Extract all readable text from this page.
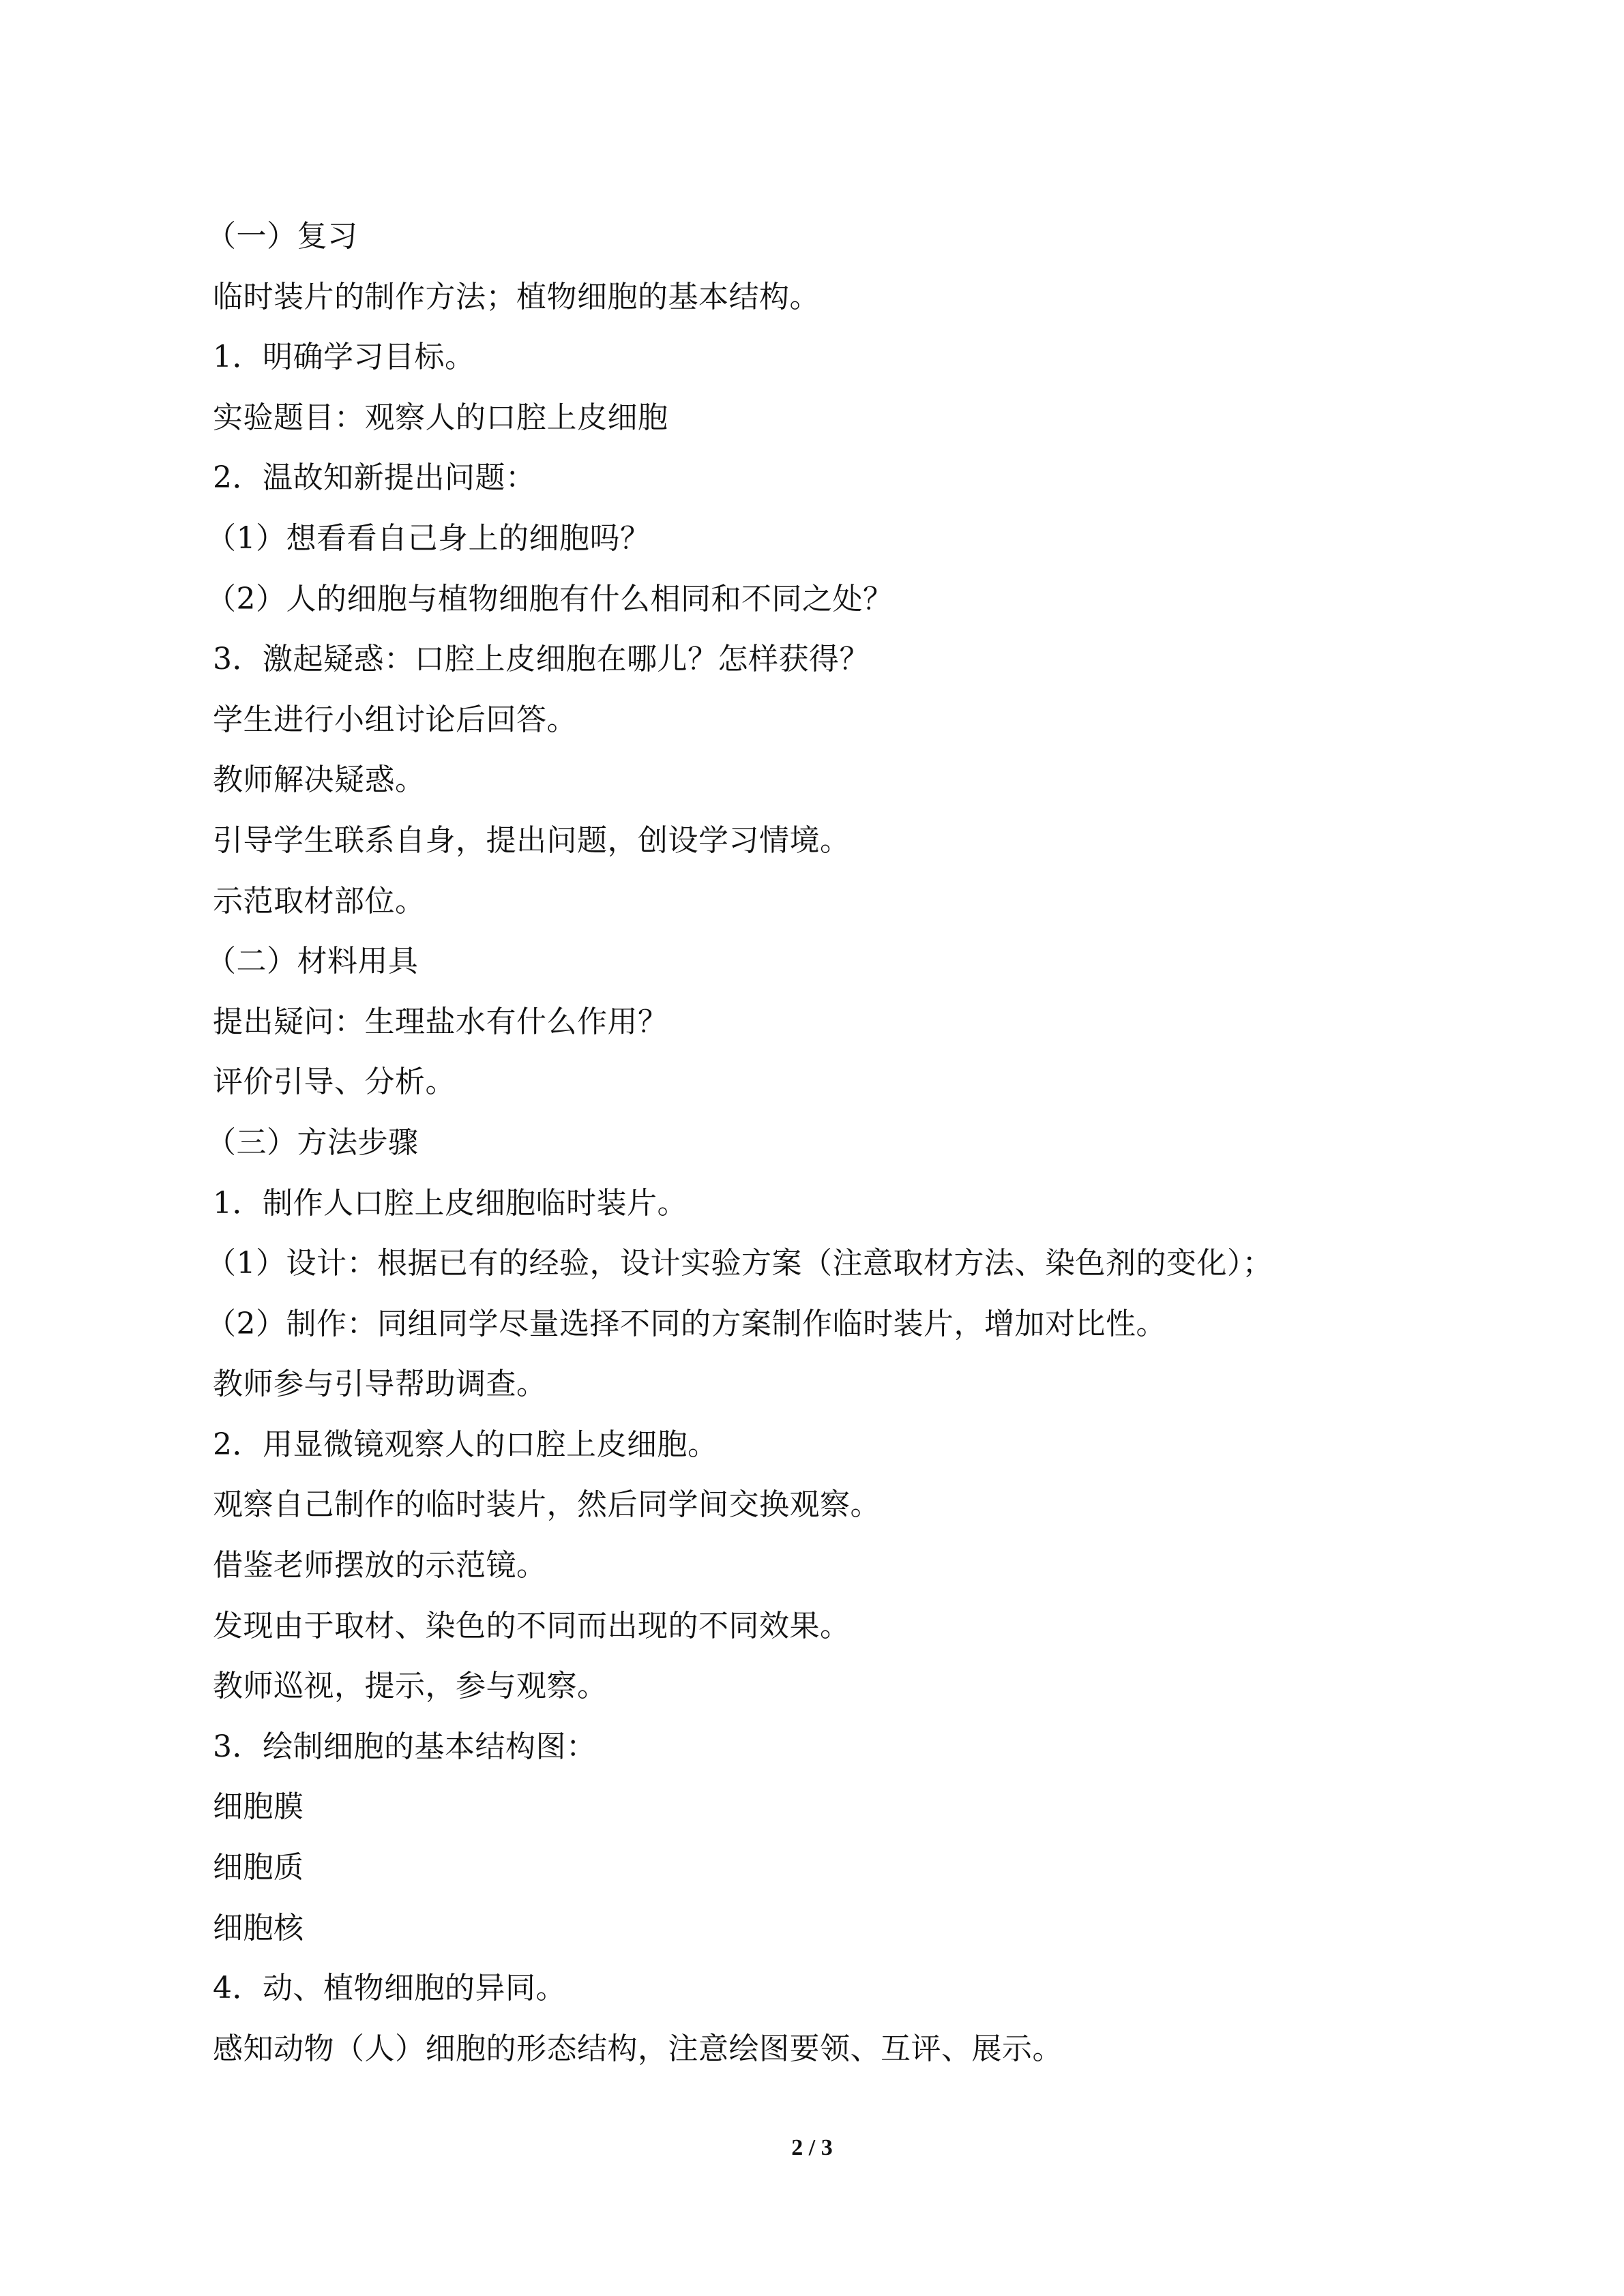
（一）复习
临时装片的制作方法；植物细胞的基本结构。
1．明确学习目标。
实验题目：观察人的口腔上皮细胞
2．温故知新提出问题：
（1）想看看自己身上的细胞吗？
（2）人的细胞与植物细胞有什么相同和不同之处？
3．激起疑惑：口腔上皮细胞在哪儿？怎样获得？
学生进行小组讨论后回答。
教师解决疑惑。
引导学生联系自身，提出问题，创设学习情境。
示范取材部位。
（二）材料用具
提出疑问：生理盐水有什么作用？
评价引导、分析。
（三）方法步骤
1．制作人口腔上皮细胞临时装片。
（1）设计：根据已有的经验，设计实验方案（注意取材方法、染色剂的变化）；
（2）制作：同组同学尽量选择不同的方案制作临时装片，增加对比性。
教师参与引导帮助调查。
2．用显微镜观察人的口腔上皮细胞。
观察自己制作的临时装片，然后同学间交换观察。
借鉴老师摆放的示范镜。
发现由于取材、染色的不同而出现的不同效果。
教师巡视，提示，参与观察。
3．绘制细胞的基本结构图：
细胞膜
细胞质
细胞核
4．动、植物细胞的异同。
感知动物（人）细胞的形态结构，注意绘图要领、互评、展示。
2 / 3
